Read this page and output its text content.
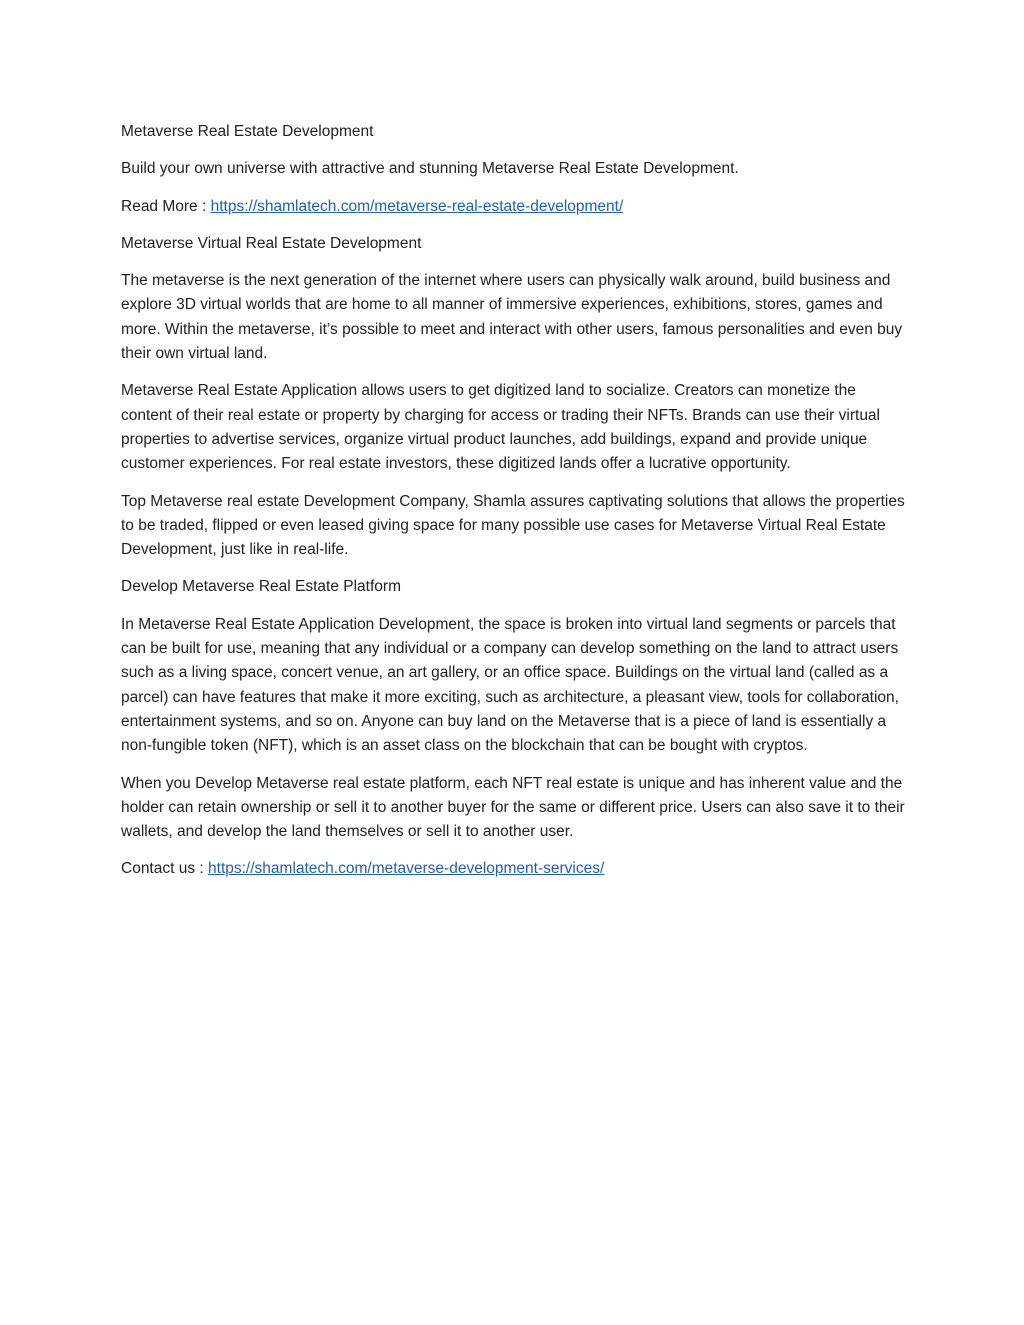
Metaverse Real Estate Development

Build your own universe with attractive and stunning Metaverse Real Estate Development.

Read More : https://shamlatech.com/metaverse-real-estate-development/

Metaverse Virtual Real Estate Development

The metaverse is the next generation of the internet where users can physically walk around, build business and explore 3D virtual worlds that are home to all manner of immersive experiences, exhibitions, stores, games and more. Within the metaverse, it’s possible to meet and interact with other users, famous personalities and even buy their own virtual land.

Metaverse Real Estate Application allows users to get digitized land to socialize. Creators can monetize the content of their real estate or property by charging for access or trading their NFTs. Brands can use their virtual properties to advertise services, organize virtual product launches, add buildings, expand and provide unique customer experiences. For real estate investors, these digitized lands offer a lucrative opportunity.

Top Metaverse real estate Development Company, Shamla assures captivating solutions that allows the properties to be traded, flipped or even leased giving space for many possible use cases for Metaverse Virtual Real Estate Development, just like in real-life.

Develop Metaverse Real Estate Platform

In Metaverse Real Estate Application Development, the space is broken into virtual land segments or parcels that can be built for use, meaning that any individual or a company can develop something on the land to attract users such as a living space, concert venue, an art gallery, or an office space. Buildings on the virtual land (called as a parcel) can have features that make it more exciting, such as architecture, a pleasant view, tools for collaboration, entertainment systems, and so on. Anyone can buy land on the Metaverse that is a piece of land is essentially a non-fungible token (NFT), which is an asset class on the blockchain that can be bought with cryptos.

When you Develop Metaverse real estate platform, each NFT real estate is unique and has inherent value and the holder can retain ownership or sell it to another buyer for the same or different price. Users can also save it to their wallets, and develop the land themselves or sell it to another user.

Contact us : https://shamlatech.com/metaverse-development-services/
